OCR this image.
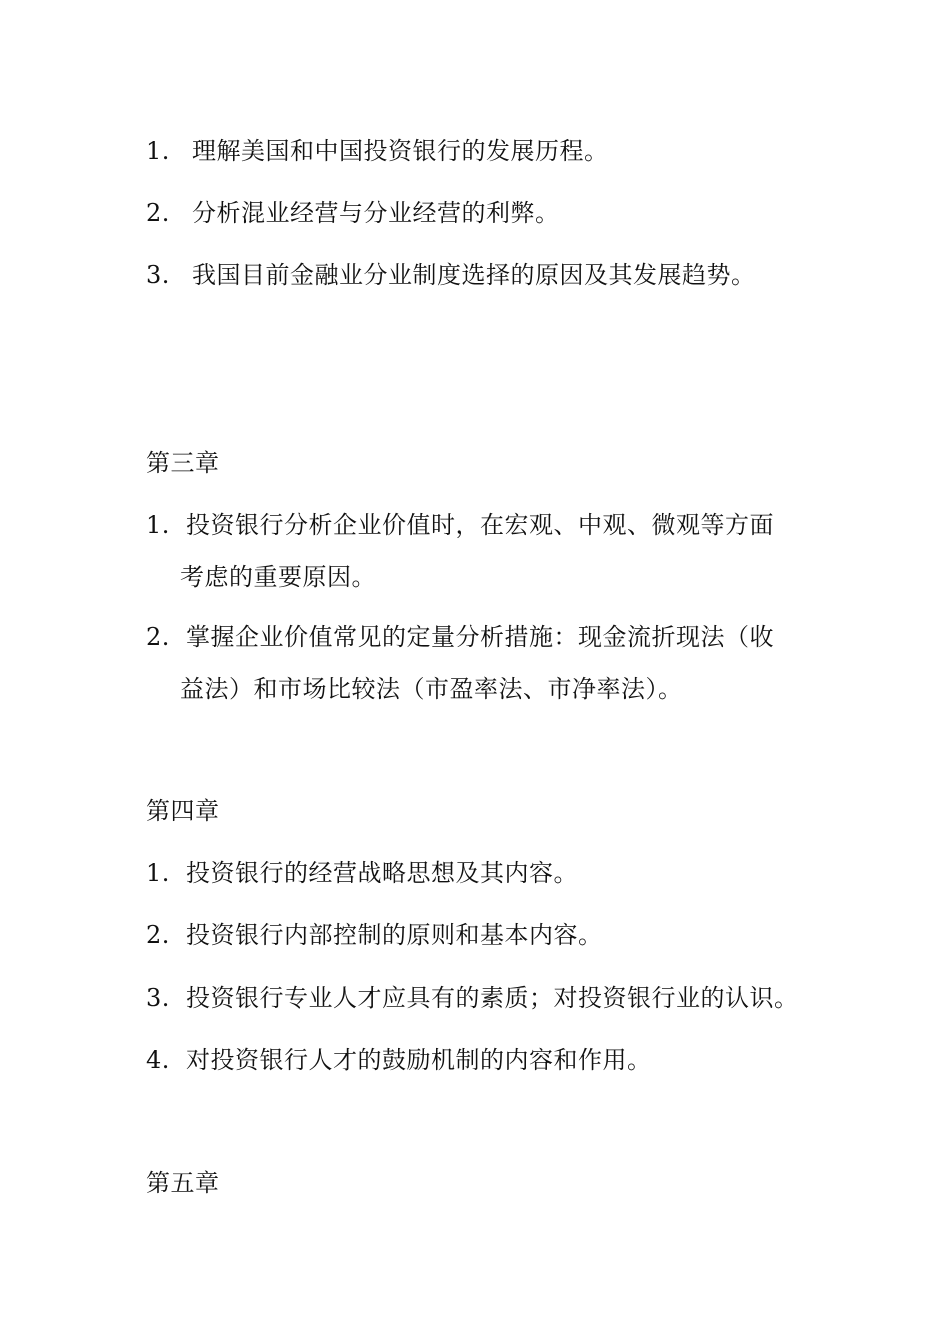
1. 理解美国和中国投资银行的发展历程。
2. 分析混业经营与分业经营的利弊。
3. 我国目前金融业分业制度选择的原因及其发展趋势。
第三章
1. 投资银行分析企业价值时，在宏观、中观、微观等方面
考虑的重要原因。
2. 掌握企业价值常见的定量分析措施：现金流折现法（收
益法）和市场比较法（市盈率法、市净率法）。
第四章
1. 投资银行的经营战略思想及其内容。
2. 投资银行内部控制的原则和基本内容。
3. 投资银行专业人才应具有的素质；对投资银行业的认识。
4. 对投资银行人才的鼓励机制的内容和作用。
第五章
